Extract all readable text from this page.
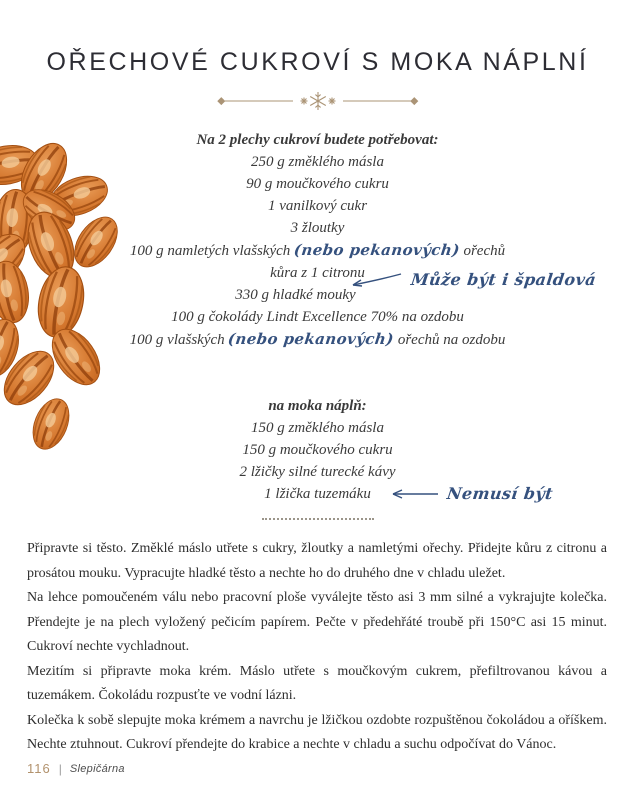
OŘECHOVÉ CUKROVÍ S MOKA NÁPLNÍ
Na 2 plechy cukroví budete potřebovat:
250 g změklého másla
90 g moučkového cukru
1 vanilkový cukr
3 žloutky
100 g namletých vlašských (nebo pekanových) ořechů
kůra z 1 citronu
330 g hladké mouky
Může být i špaldová
100 g čokolády Lindt Excellence 70% na ozdobu
100 g vlašských (nebo pekanových) ořechů na ozdobu
na moka náplň:
150 g změklého másla
150 g moučkového cukru
2 lžičky silné turecké kávy
1 lžička tuzemáku	Nemusí být

Připravte si těsto. Změklé máslo utřete s cukry, žloutky a namletými ořechy. Přidejte kůru z citronu a prosátou mouku. Vypracujte hladké těsto a nechte ho do druhého dne v chladu uležet.

Na lehce pomoučeném válu nebo pracovní ploše vyválejte těsto asi 3 mm silné a vykrajujte kolečka. Přendejte je na plech vyložený pečicím papírem. Pečte v předehřáté troubě při 150°C asi 15 minut. Cukroví nechte vychladnout.

Mezitím si připravte moka krém. Máslo utřete s moučkovým cukrem, přefiltrovanou kávou a tuzemákem. Čokoládu rozpusťte ve vodní lázni.

Kolečka k sobě slepujte moka krémem a navrchu je lžičkou ozdobte rozpuštěnou čokoládou a oříškem. Nechte ztuhnout. Cukroví přendejte do krabice a nechte v chladu a suchu odpočívat do Vánoc.

116 | Slepičárna
